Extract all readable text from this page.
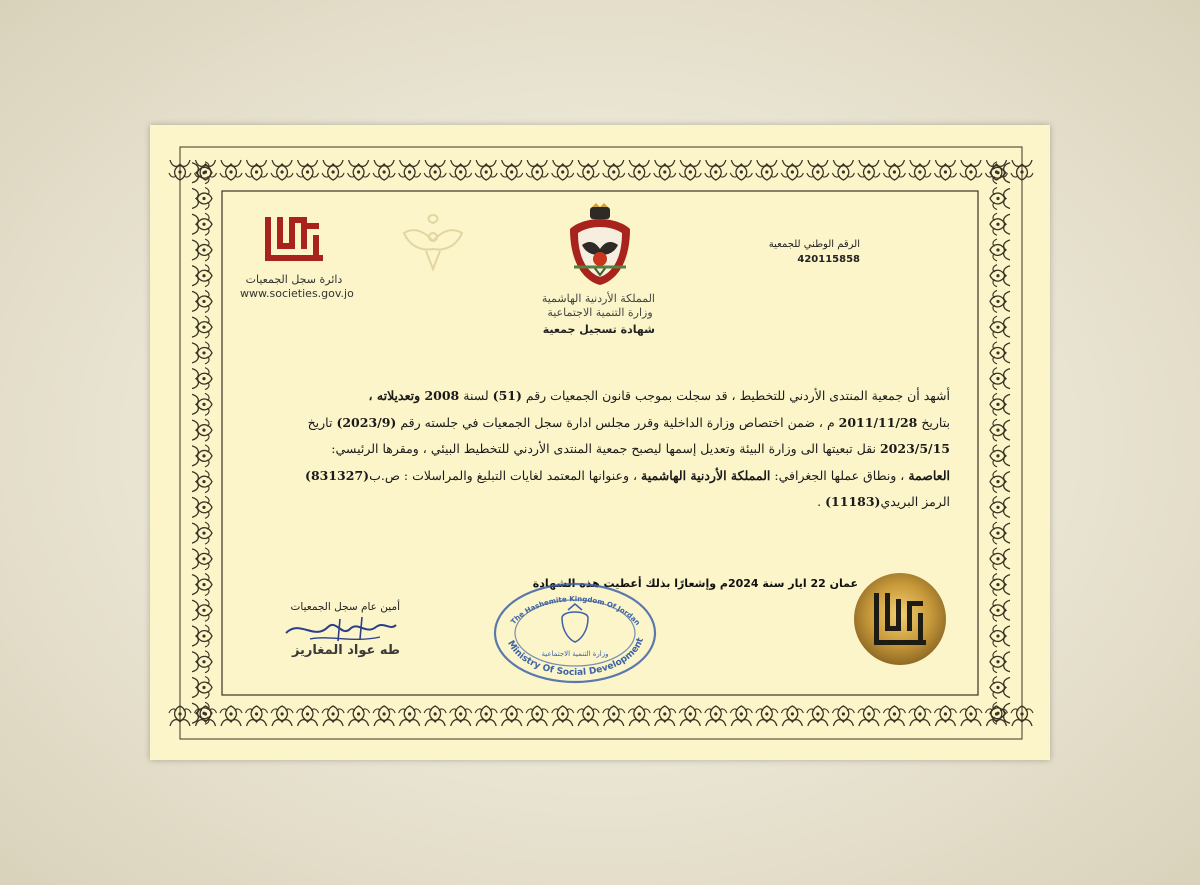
دائرة سجل الجمعيات
www.societies.gov.jo	المملكة الأردنية الهاشمية
وزارة التنمية الاجتماعية
شهادة تسجيل جمعية
الرقم الوطني للجمعية
420115858

أشهد أن جمعية المنتدى الأردني للتخطيط ، قد سجلت بموجب قانون الجمعيات رقم (51) لسنة 2008 وتعديلاته ،

بتاريخ 2011/11/28 م ، ضمن اختصاص وزارة الداخلية وقرر مجلس ادارة سجل الجمعيات في جلسته رقم (2023/9) تاريخ

2023/5/15 نقل تبعيتها الى وزارة البيئة وتعديل إسمها ليصبح جمعية المنتدى الأردني للتخطيط البيئي ، ومقرها الرئيسي:

العاصمة ، ونطاق عملها الجغرافي: المملكة الأردنية الهاشمية ، وعنوانها المعتمد لغايات التبليغ والمراسلات : ص.ب(831327)

الرمز البريدي(11183) .

عمان 22 ايار سنة 2024م وإشعارًا بذلك أعطيت هذه الشهادة
The Hashemite Kingdom Of Jordan
Ministry Of Social Development
وزارة التنمية الاجتماعية
أمين عام سجل الجمعيات
طه عواد المغاريز
